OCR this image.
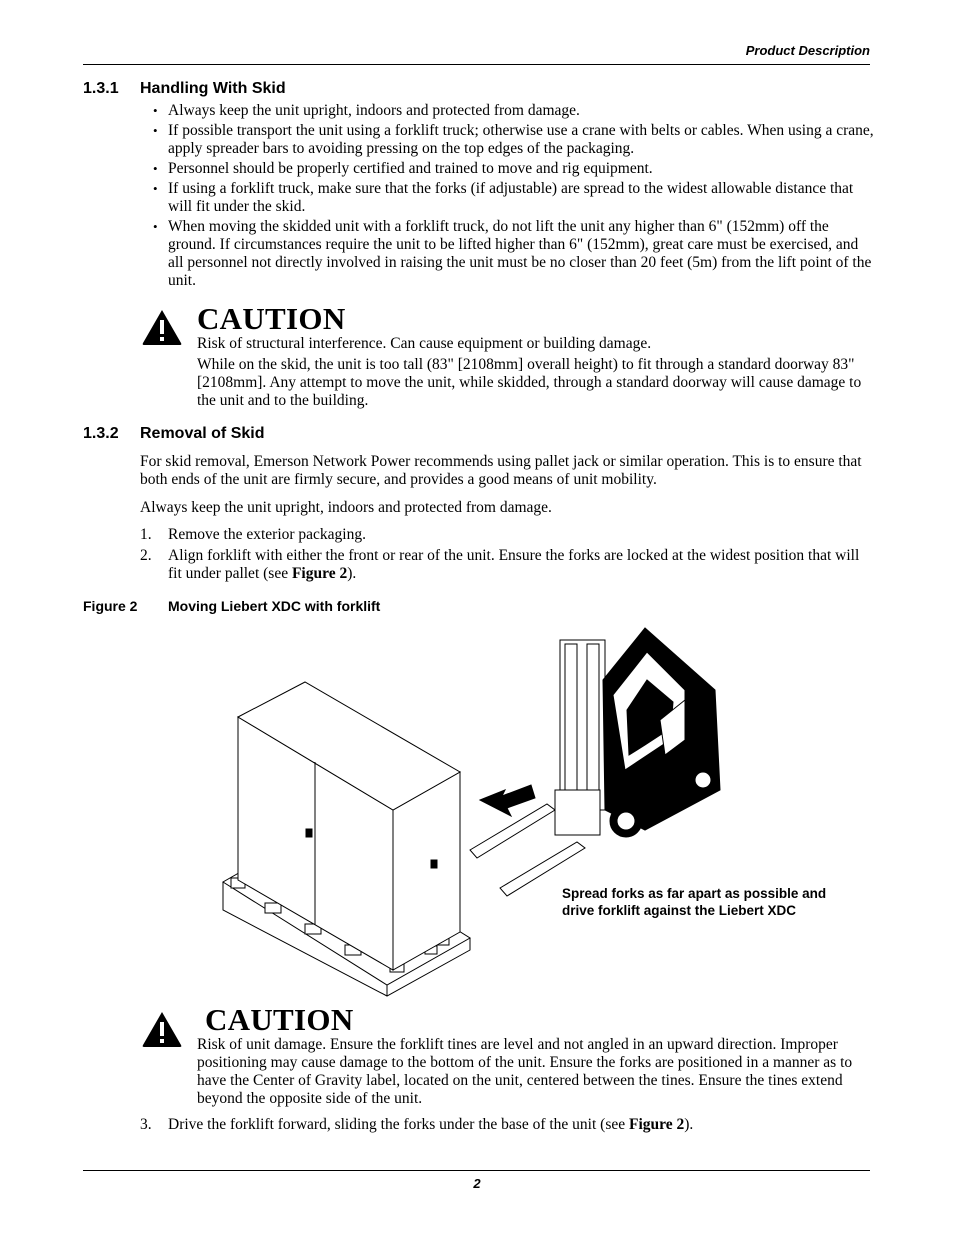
Product Description
1.3.1 Handling With Skid
• Always keep the unit upright, indoors and protected from damage.
• If possible transport the unit using a forklift truck; otherwise use a crane with belts or cables. When using a crane, apply spreader bars to avoiding pressing on the top edges of the packaging.
• Personnel should be properly certified and trained to move and rig equipment.
• If using a forklift truck, make sure that the forks (if adjustable) are spread to the widest allowable distance that will fit under the skid.
• When moving the skidded unit with a forklift truck, do not lift the unit any higher than 6" (152mm) off the ground. If circumstances require the unit to be lifted higher than 6" (152mm), great care must be exercised, and all personnel not directly involved in raising the unit must be no closer than 20 feet (5m) from the lift point of the unit.
CAUTION

Risk of structural interference. Can cause equipment or building damage.

While on the skid, the unit is too tall (83" [2108mm] overall height) to fit through a standard doorway 83" [2108mm]. Any attempt to move the unit, while skidded, through a standard doorway will cause damage to the unit and to the building.

1.3.2 Removal of Skid

For skid removal, Emerson Network Power recommends using pallet jack or similar operation. This is to ensure that both ends of the unit are firmly secure, and provides a good means of unit mobility.

Always keep the unit upright, indoors and protected from damage.

1. Remove the exterior packaging.
2. Align forklift with either the front or rear of the unit. Ensure the forks are locked at the widest position that will fit under pallet (see Figure 2).
Figure 2 Moving Liebert XDC with forklift
Spread forks as far apart as possible and
drive forklift against the Liebert XDC
CAUTION

Risk of unit damage. Ensure the forklift tines are level and not angled in an upward direction. Improper positioning may cause damage to the bottom of the unit. Ensure the forks are positioned in a manner as to have the Center of Gravity label, located on the unit, centered between the tines. Ensure the tines extend beyond the opposite side of the unit.

3. Drive the forklift forward, sliding the forks under the base of the unit (see Figure 2).
2
